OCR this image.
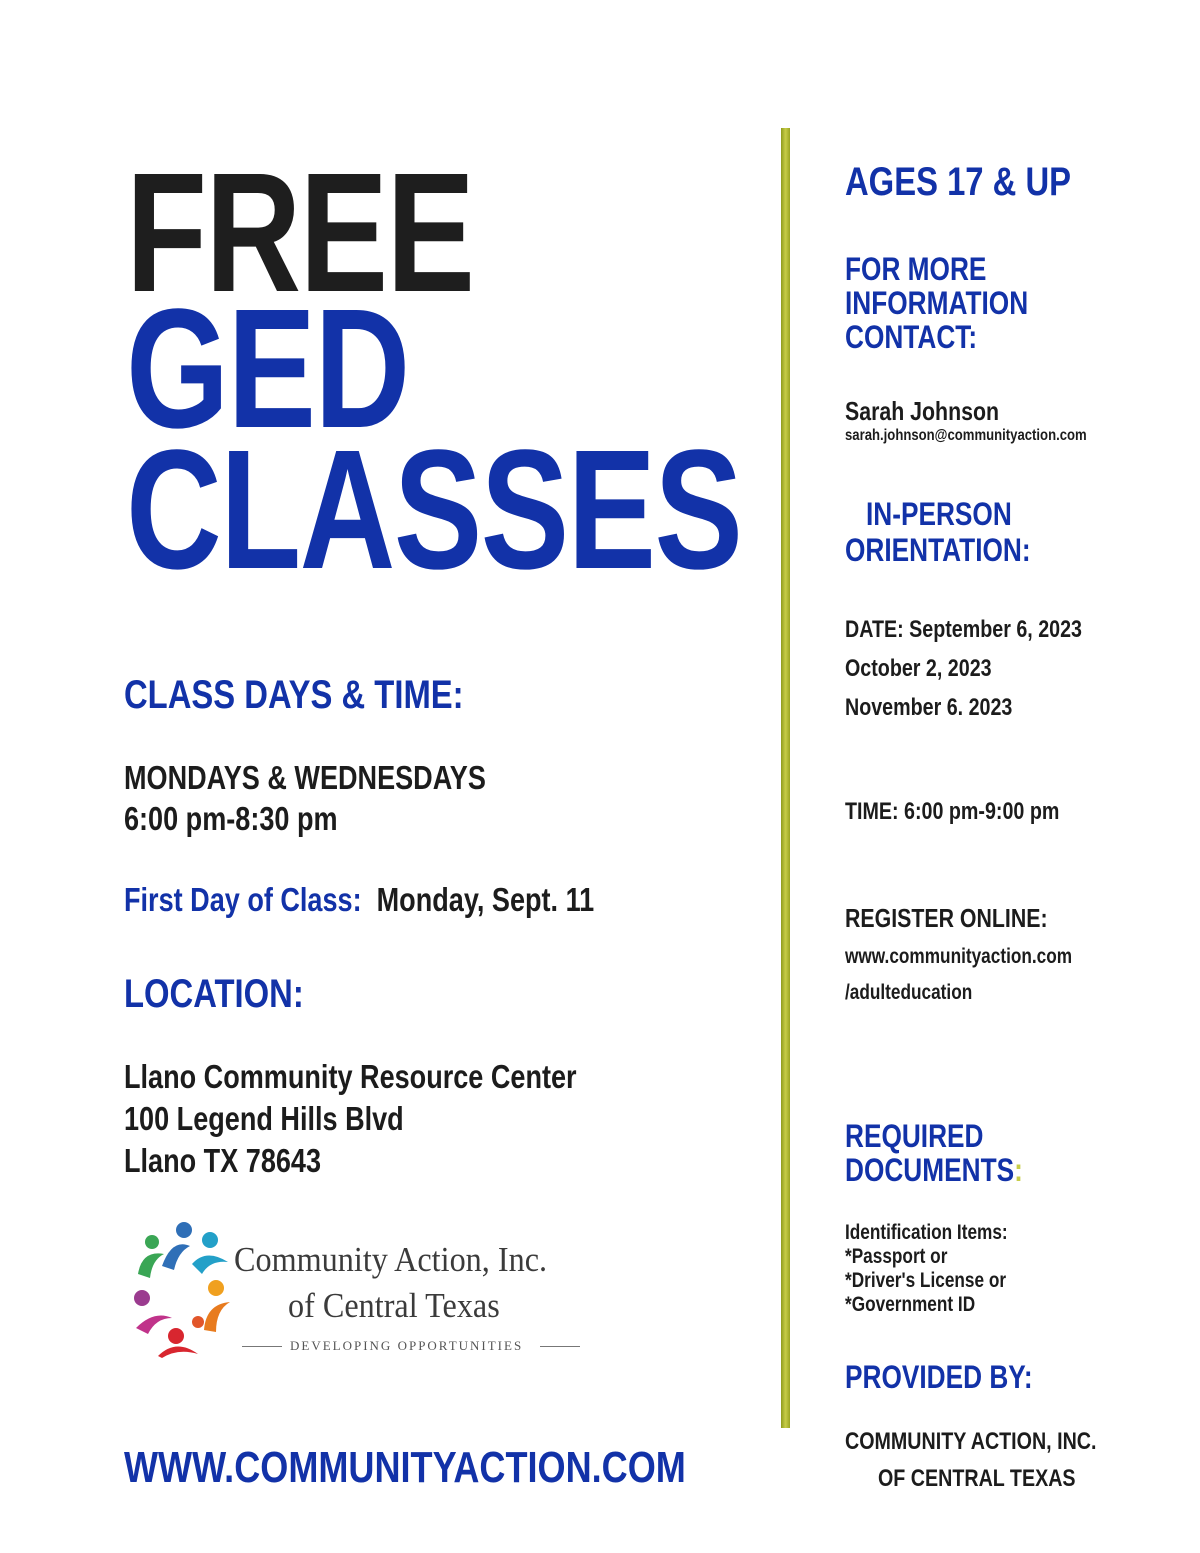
FREE
GED
CLASSES
CLASS DAYS & TIME:
MONDAYS & WEDNESDAYS
6:00 pm-8:30 pm
First Day of Class: Monday, Sept. 11
LOCATION:
Llano Community Resource Center
100 Legend Hills Blvd
Llano TX 78643
Community Action, Inc.
of Central Texas
DEVELOPING OPPORTUNITIES
WWW.COMMUNITYACTION.COM
AGES 17 & UP
FOR MORE
INFORMATION
CONTACT:
Sarah Johnson
sarah.johnson@communityaction.com
IN-PERSON
ORIENTATION:
DATE: September 6, 2023
October 2, 2023
November 6. 2023
TIME: 6:00 pm-9:00 pm
REGISTER ONLINE:
www.communityaction.com
/adulteducation
REQUIRED
DOCUMENTS:
Identification Items:
*Passport or
*Driver's License or
*Government ID
PROVIDED BY:
COMMUNITY ACTION, INC.
OF CENTRAL TEXAS
